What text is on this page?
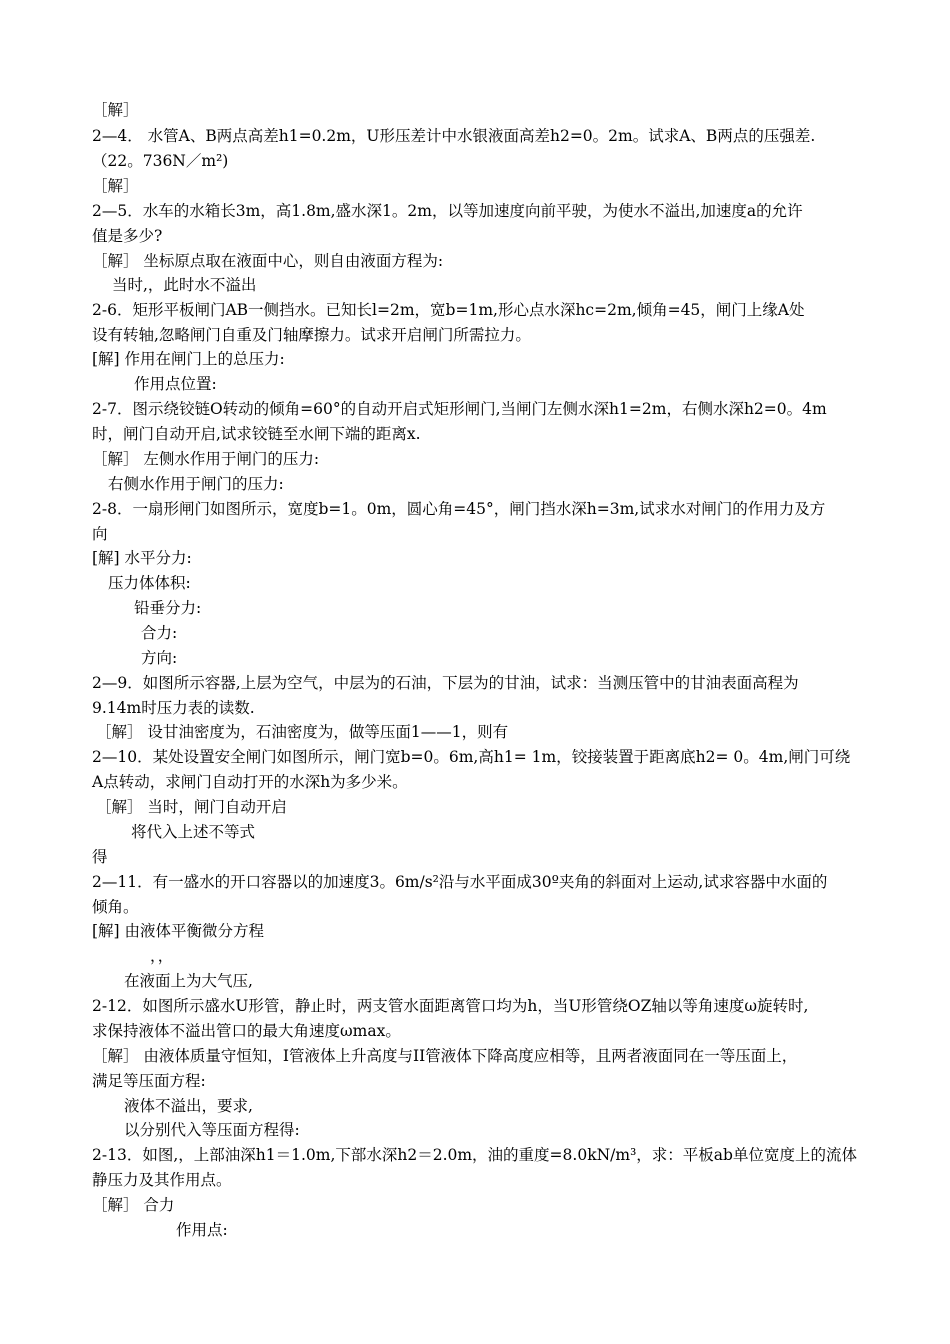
［解］
2—4． 水管A、B两点高差h1=0.2m，U形压差计中水银液面高差h2=0。2m。试求A、B两点的压强差.
（22。736N／m²)
［解］
2—5．水车的水箱长3m，高1.8m,盛水深1。2m，以等加速度向前平驶，为使水不溢出,加速度a的允许
值是多少?
［解］ 坐标原点取在液面中心，则自由液面方程为:
当时,，此时水不溢出
2-6．矩形平板闸门AB一侧挡水。已知长l=2m，宽b=1m,形心点水深hc=2m,倾角=45，闸门上缘A处
设有转轴,忽略闸门自重及门轴摩擦力。试求开启闸门所需拉力。
[解] 作用在闸门上的总压力:
作用点位置:
2-7．图示绕铰链O转动的倾角=60°的自动开启式矩形闸门,当闸门左侧水深h1=2m，右侧水深h2=0。4m
时，闸门自动开启,试求铰链至水闸下端的距离x.
［解］ 左侧水作用于闸门的压力:
右侧水作用于闸门的压力:
2-8．一扇形闸门如图所示，宽度b=1。0m，圆心角=45°，闸门挡水深h=3m,试求水对闸门的作用力及方
向
[解] 水平分力:
压力体体积:
铅垂分力:
合力:
方向:
2—9．如图所示容器,上层为空气，中层为的石油，下层为的甘油，试求：当测压管中的甘油表面高程为
9.14m时压力表的读数.
［解］ 设甘油密度为，石油密度为，做等压面1——1，则有
2—10．某处设置安全闸门如图所示，闸门宽b=0。6m,高h1= 1m，铰接装置于距离底h2= 0。4m,闸门可绕
A点转动，求闸门自动打开的水深h为多少米。
［解］ 当时，闸门自动开启
将代入上述不等式
得
2—11．有一盛水的开口容器以的加速度3。6m/s²沿与水平面成30º夹角的斜面对上运动,试求容器中水面的
倾角。
[解] 由液体平衡微分方程
，，
在液面上为大气压,
2-12．如图所示盛水U形管，静止时，两支管水面距离管口均为h，当U形管绕OZ轴以等角速度ω旋转时,
求保持液体不溢出管口的最大角速度ωmax。
［解］ 由液体质量守恒知，I管液体上升高度与II管液体下降高度应相等，且两者液面同在一等压面上，
满足等压面方程:
液体不溢出，要求,
以分别代入等压面方程得:
2-13．如图,，上部油深h1＝1.0m,下部水深h2＝2.0m，油的重度=8.0kN/m³，求：平板ab单位宽度上的流体
静压力及其作用点。
［解］ 合力
作用点:
